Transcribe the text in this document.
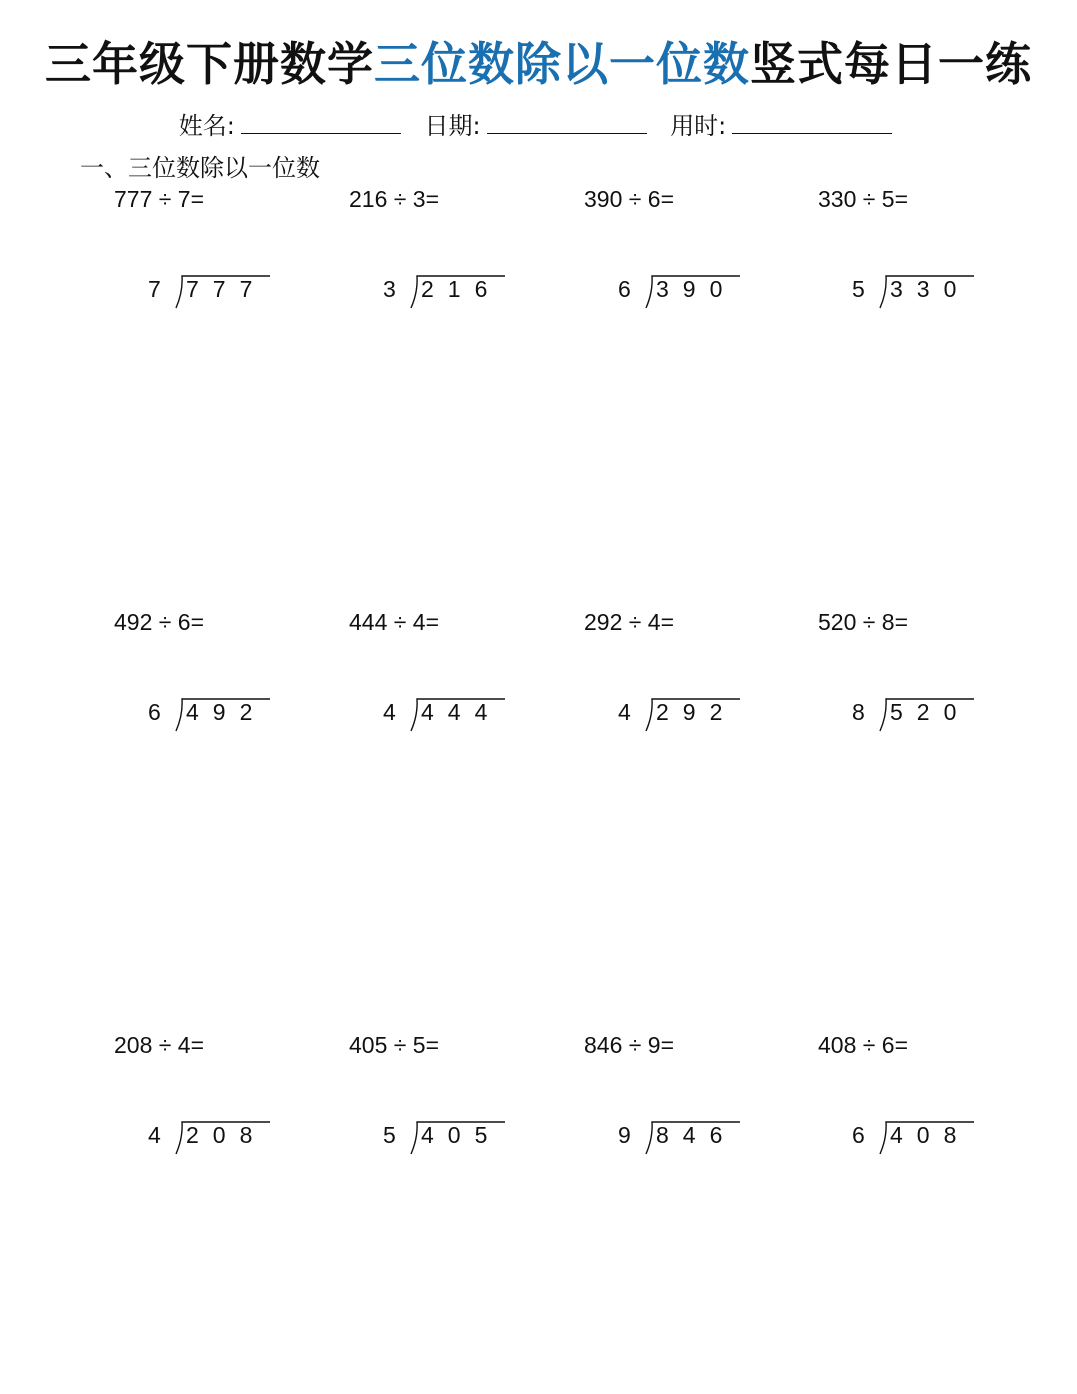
三年级下册数学三位数除以一位数竖式每日一练
姓名:	日期:	用时:
一、三位数除以一位数
777 ÷ 7=
7 777
216 ÷ 3=
3 216
390 ÷ 6=
6 390
330 ÷ 5=
5 330
492 ÷ 6=
6 492
444 ÷ 4=
4 444
292 ÷ 4=
4 292
520 ÷ 8=
8 520
208 ÷ 4=
4 208
405 ÷ 5=
5 405
846 ÷ 9=
9 846
408 ÷ 6=
6 408
